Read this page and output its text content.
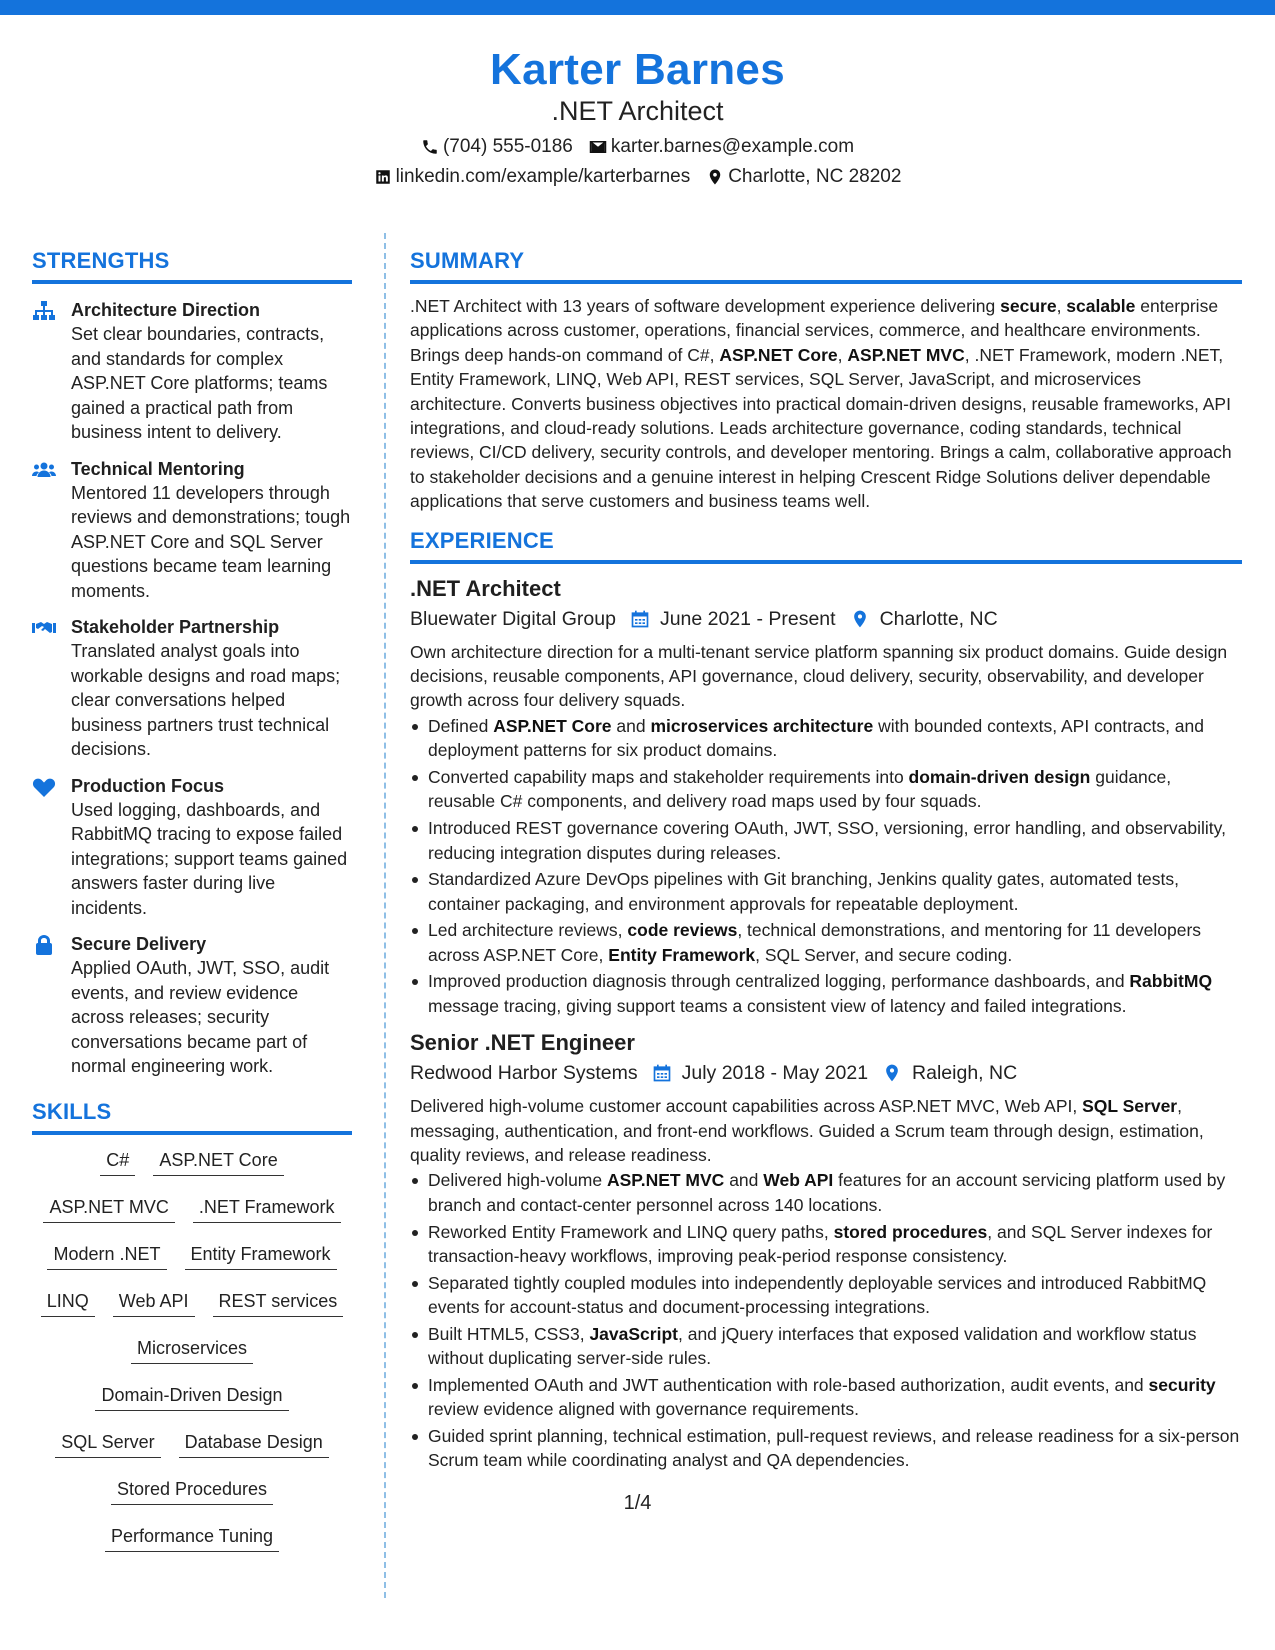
Karter Barnes
.NET Architect
(704) 555-0186 karter.barnes@example.com
linkedin.com/example/karterbarnes Charlotte, NC 28202
STRENGTHS
Architecture Direction
Set clear boundaries, contracts, and standards for complex ASP.NET Core platforms; teams gained a practical path from business intent to delivery.
Technical Mentoring
Mentored 11 developers through reviews and demonstrations; tough ASP.NET Core and SQL Server questions became team learning moments.
Stakeholder Partnership
Translated analyst goals into workable designs and road maps; clear conversations helped business partners trust technical decisions.
Production Focus
Used logging, dashboards, and RabbitMQ tracing to expose failed integrations; support teams gained answers faster during live incidents.
Secure Delivery
Applied OAuth, JWT, SSO, audit events, and review evidence across releases; security conversations became part of normal engineering work.
SKILLS
C#	ASP.NET Core
ASP.NET MVC	.NET Framework
Modern .NET	Entity Framework
LINQ	Web API	REST services
Microservices
Domain-Driven Design
SQL Server	Database Design
Stored Procedures
Performance Tuning
SUMMARY
.NET Architect with 13 years of software development experience delivering secure, scalable enterprise applications across customer, operations, financial services, commerce, and healthcare environments. Brings deep hands-on command of C#, ASP.NET Core, ASP.NET MVC, .NET Framework, modern .NET, Entity Framework, LINQ, Web API, REST services, SQL Server, JavaScript, and microservices architecture. Converts business objectives into practical domain-driven designs, reusable frameworks, API integrations, and cloud-ready solutions. Leads architecture governance, coding standards, technical reviews, CI/CD delivery, security controls, and developer mentoring. Brings a calm, collaborative approach to stakeholder decisions and a genuine interest in helping Crescent Ridge Solutions deliver dependable applications that serve customers and business teams well.
EXPERIENCE
.NET Architect
Bluewater Digital Group June 2021 - Present Charlotte, NC
Own architecture direction for a multi-tenant service platform spanning six product domains. Guide design decisions, reusable components, API governance, cloud delivery, security, observability, and developer growth across four delivery squads.
Defined ASP.NET Core and microservices architecture with bounded contexts, API contracts, and deployment patterns for six product domains.
Converted capability maps and stakeholder requirements into domain-driven design guidance, reusable C# components, and delivery road maps used by four squads.
Introduced REST governance covering OAuth, JWT, SSO, versioning, error handling, and observability, reducing integration disputes during releases.
Standardized Azure DevOps pipelines with Git branching, Jenkins quality gates, automated tests, container packaging, and environment approvals for repeatable deployment.
Led architecture reviews, code reviews, technical demonstrations, and mentoring for 11 developers across ASP.NET Core, Entity Framework, SQL Server, and secure coding.
Improved production diagnosis through centralized logging, performance dashboards, and RabbitMQ message tracing, giving support teams a consistent view of latency and failed integrations.
Senior .NET Engineer
Redwood Harbor Systems July 2018 - May 2021 Raleigh, NC
Delivered high-volume customer account capabilities across ASP.NET MVC, Web API, SQL Server, messaging, authentication, and front-end workflows. Guided a Scrum team through design, estimation, quality reviews, and release readiness.
Delivered high-volume ASP.NET MVC and Web API features for an account servicing platform used by branch and contact-center personnel across 140 locations.
Reworked Entity Framework and LINQ query paths, stored procedures, and SQL Server indexes for transaction-heavy workflows, improving peak-period response consistency.
Separated tightly coupled modules into independently deployable services and introduced RabbitMQ events for account-status and document-processing integrations.
Built HTML5, CSS3, JavaScript, and jQuery interfaces that exposed validation and workflow status without duplicating server-side rules.
Implemented OAuth and JWT authentication with role-based authorization, audit events, and security review evidence aligned with governance requirements.
Guided sprint planning, technical estimation, pull-request reviews, and release readiness for a six-person Scrum team while coordinating analyst and QA dependencies.
1/4
